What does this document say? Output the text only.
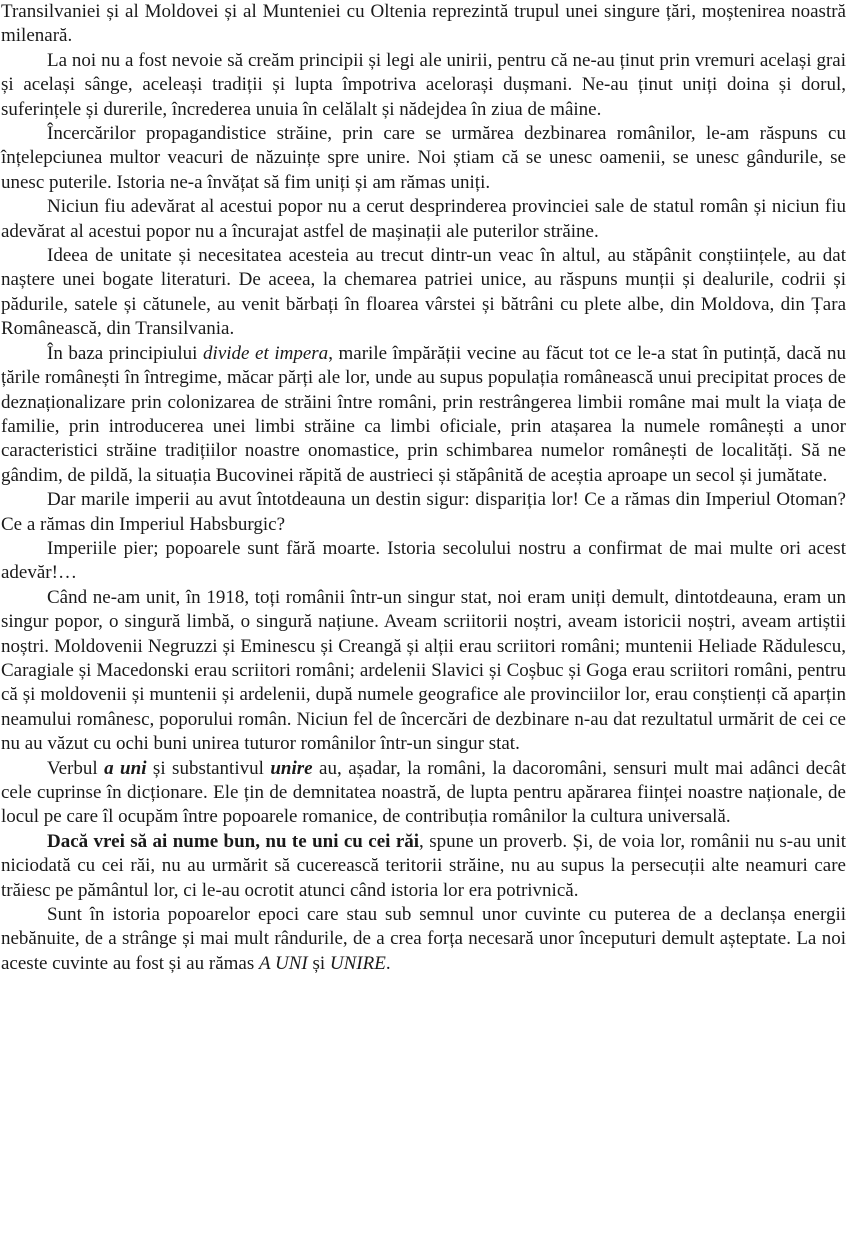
Transilvaniei și al Moldovei și al Munteniei cu Oltenia reprezintă trupul unei singure țări, moștenirea noastră milenară.

La noi nu a fost nevoie să creăm principii și legi ale unirii, pentru că ne-au ținut prin vremuri același grai și același sânge, aceleași tradiții și lupta împotriva acelorași dușmani. Ne-au ținut uniți doina și dorul, suferințele și durerile, încrederea unuia în celălalt și nădejdea în ziua de mâine.

Încercărilor propagandistice străine, prin care se urmărea dezbinarea românilor, le-am răspuns cu înțelepciunea multor veacuri de năzuințe spre unire. Noi știam că se unesc oamenii, se unesc gândurile, se unesc puterile. Istoria ne-a învățat să fim uniți și am rămas uniți.

Niciun fiu adevărat al acestui popor nu a cerut desprinderea provinciei sale de statul român și niciun fiu adevărat al acestui popor nu a încurajat astfel de mașinații ale puterilor străine.

Ideea de unitate și necesitatea acesteia au trecut dintr-un veac în altul, au stăpânit conștiințele, au dat naștere unei bogate literaturi. De aceea, la chemarea patriei unice, au răspuns munții și dealurile, codrii și pădurile, satele și cătunele, au venit bărbați în floarea vârstei și bătrâni cu plete albe, din Moldova, din Țara Românească, din Transilvania.

În baza principiului divide et impera, marile împărății vecine au făcut tot ce le-a stat în putință, dacă nu țările românești în întregime, măcar părți ale lor, unde au supus populația românească unui precipitat proces de deznaționalizare prin colonizarea de străini între români, prin restrângerea limbii române mai mult la viața de familie, prin introducerea unei limbi străine ca limbi oficiale, prin atașarea la numele românești a unor caracteristici străine tradițiilor noastre onomastice, prin schimbarea numelor românești de localități. Să ne gândim, de pildă, la situația Bucovinei răpită de austrieci și stăpânită de aceștia aproape un secol și jumătate.

Dar marile imperii au avut întotdeauna un destin sigur: dispariția lor! Ce a rămas din Imperiul Otoman? Ce a rămas din Imperiul Habsburgic?

Imperiile pier; popoarele sunt fără moarte. Istoria secolului nostru a confirmat de mai multe ori acest adevăr!…

Când ne-am unit, în 1918, toți românii într-un singur stat, noi eram uniți demult, dintotdeauna, eram un singur popor, o singură limbă, o singură națiune. Aveam scriitorii noștri, aveam istoricii noștri, aveam artiștii noștri. Moldovenii Negruzzi și Eminescu și Creangă și alții erau scriitori români; muntenii Heliade Rădulescu, Caragiale și Macedonski erau scriitori români; ardelenii Slavici și Coșbuc și Goga erau scriitori români, pentru că și moldovenii și muntenii și ardelenii, după numele geografice ale provinciilor lor, erau conștienți că aparțin neamului românesc, poporului român. Niciun fel de încercări de dezbinare n-au dat rezultatul urmărit de cei ce nu au văzut cu ochi buni unirea tuturor românilor într-un singur stat.

Verbul a uni și substantivul unire au, așadar, la români, la dacoromâni, sensuri mult mai adânci decât cele cuprinse în dicționare. Ele țin de demnitatea noastră, de lupta pentru apărarea ființei noastre naționale, de locul pe care îl ocupăm între popoarele romanice, de contribuția românilor la cultura universală.

Dacă vrei să ai nume bun, nu te uni cu cei răi, spune un proverb. Și, de voia lor, românii nu s-au unit niciodată cu cei răi, nu au urmărit să cucerească teritorii străine, nu au supus la persecuții alte neamuri care trăiesc pe pământul lor, ci le-au ocrotit atunci când istoria lor era potrivnică.

Sunt în istoria popoarelor epoci care stau sub semnul unor cuvinte cu puterea de a declanșa energii nebănuite, de a strânge și mai mult rândurile, de a crea forța necesară unor începuturi demult așteptate. La noi aceste cuvinte au fost și au rămas A UNI și UNIRE.
